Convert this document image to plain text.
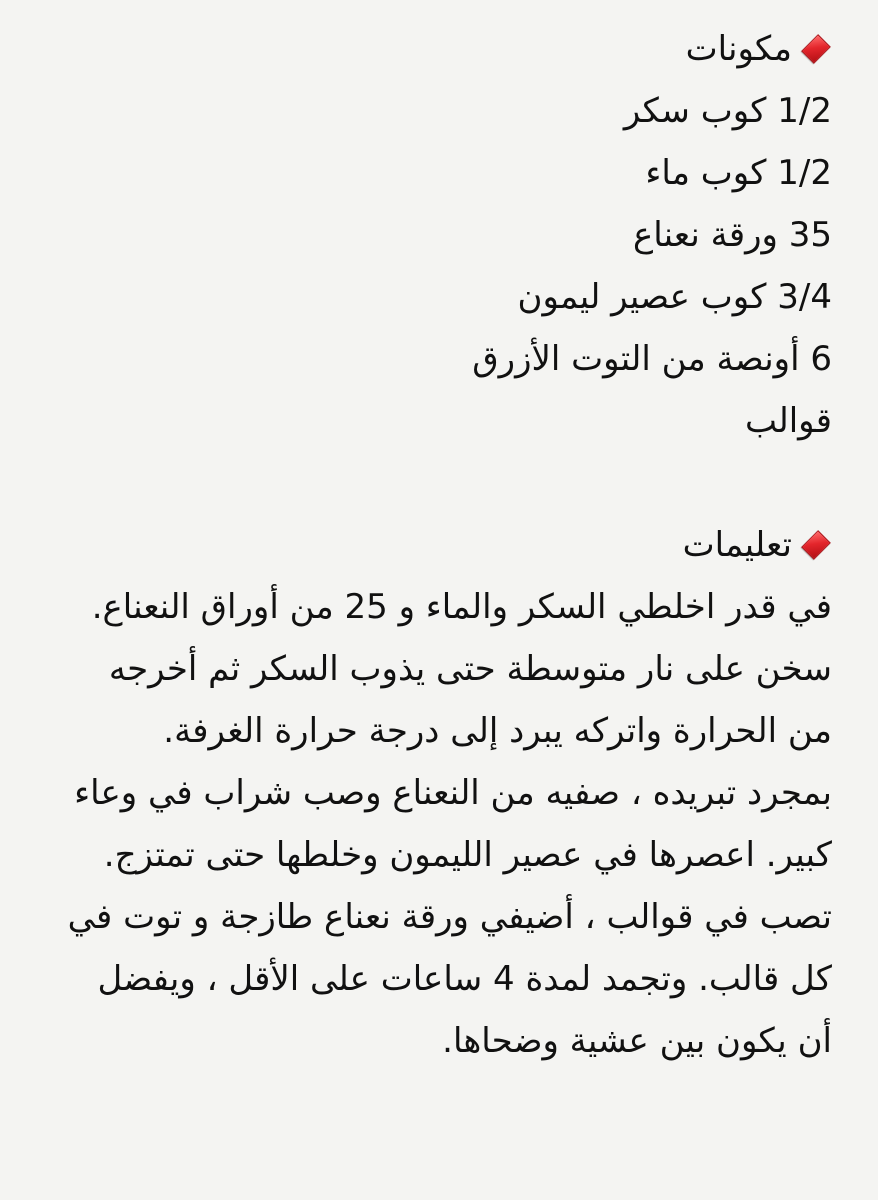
مكونات
1/2 كوب سكر
1/2 كوب ماء
35 ورقة نعناع
3/4 كوب عصير ليمون
6 أونصة من التوت الأزرق
قوالب
تعليمات

في قدر اخلطي السكر والماء و 25 من أوراق النعناع. سخن على نار متوسطة حتى يذوب السكر ثم أخرجه من الحرارة واتركه يبرد إلى درجة حرارة الغرفة.

بمجرد تبريده ، صفيه من النعناع وصب شراب في وعاء كبير. اعصرها في عصير الليمون وخلطها حتى تمتزج.

تصب في قوالب ، أضيفي ورقة نعناع طازجة و توت في كل قالب. وتجمد لمدة 4 ساعات على الأقل ، ويفضل أن يكون بين عشية وضحاها.
